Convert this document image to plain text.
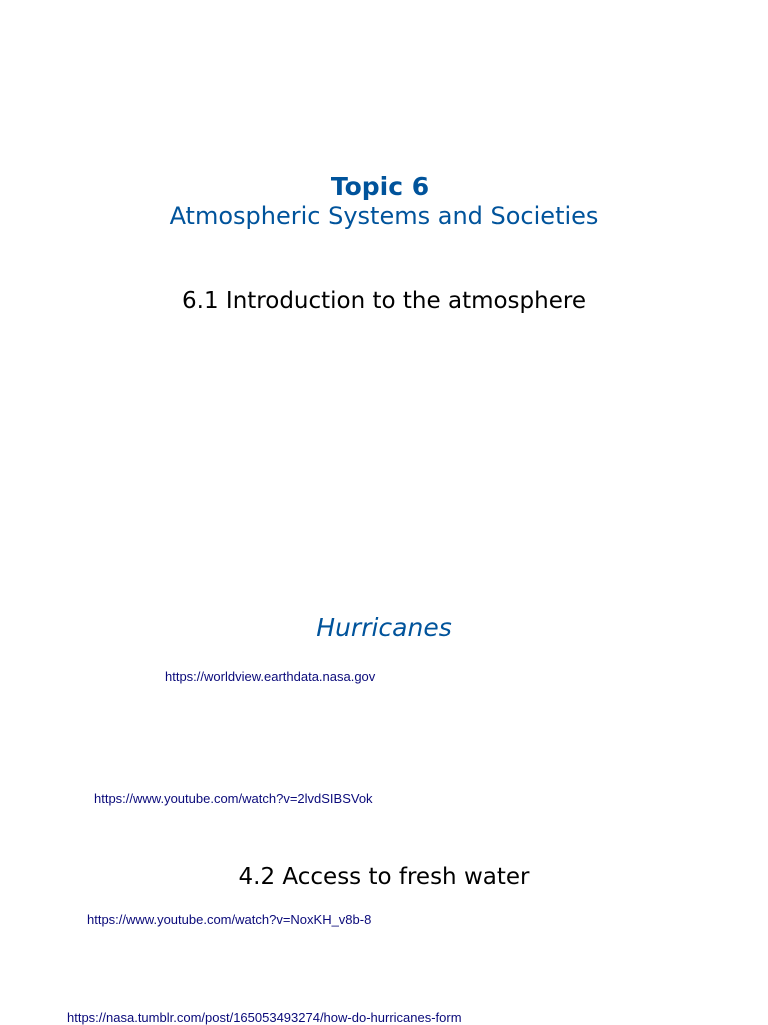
Topic 6
Atmospheric Systems and Societies
6.1 Introduction to the atmosphere
Hurricanes
https://worldview.earthdata.nasa.gov
https://www.youtube.com/watch?v=2lvdSIBSVok
4.2 Access to fresh water
https://www.youtube.com/watch?v=NoxKH_v8b-8
https://nasa.tumblr.com/post/165053493274/how-do-hurricanes-form
